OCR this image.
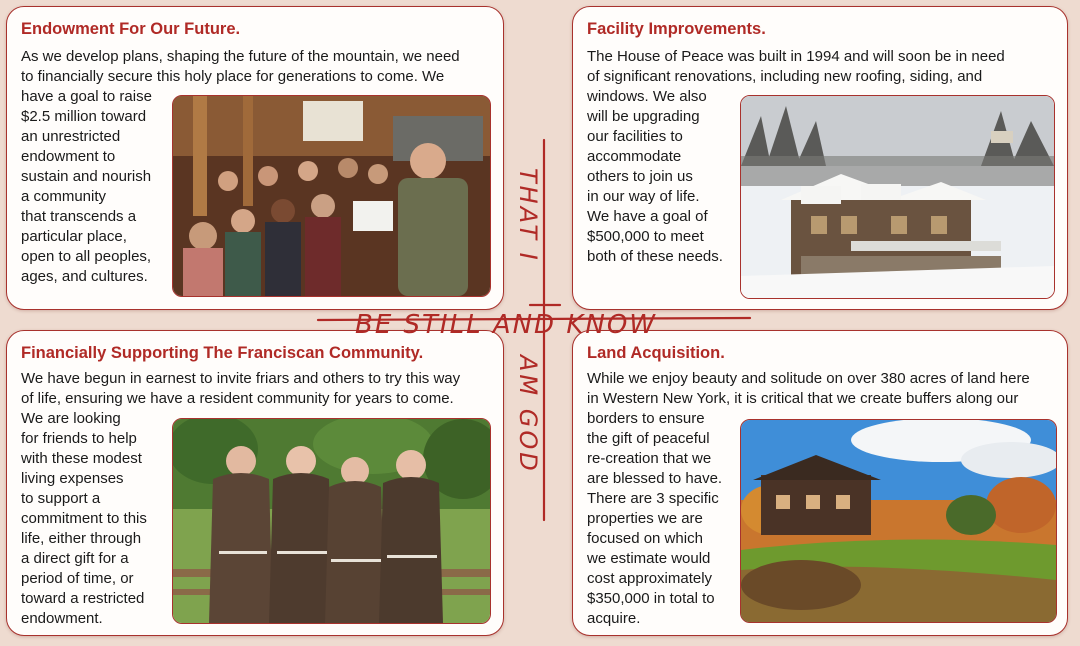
Endowment For Our Future.
As we develop plans, shaping the future of the mountain, we need
to financially secure this holy place for generations to come. We
have a goal to raise
$2.5 million toward
an unrestricted
endowment to
sustain and nourish
a community
that transcends a
particular place,
open to all peoples,
ages, and cultures.
Facility Improvements.
The House of Peace was built in 1994 and will soon be in need
of significant renovations, including new roofing, siding, and
windows. We also
will be upgrading
our facilities to
accommodate
others to join us
in our way of life.
We have a goal of
$500,000 to meet
both of these needs.
Financially Supporting The Franciscan Community.
We have begun in earnest to invite friars and others to try this way
of life, ensuring we have a resident community for years to come.
We are looking
for friends to help
with these modest
living expenses
to support a
commitment to this
life, either through
a direct gift for a
period of time, or
toward a restricted
endowment.
Land Acquisition.
While we enjoy beauty and solitude on over 380 acres of land here
in Western New York, it is critical that we create buffers along our
borders to ensure
the gift of peaceful
re-creation that we
are blessed to have.
There are 3 specific
properties we are
focused on which
we estimate would
cost approximately
$350,000 in total to
acquire.
BE STILL AND KNOW
THAT I
AM GOD
